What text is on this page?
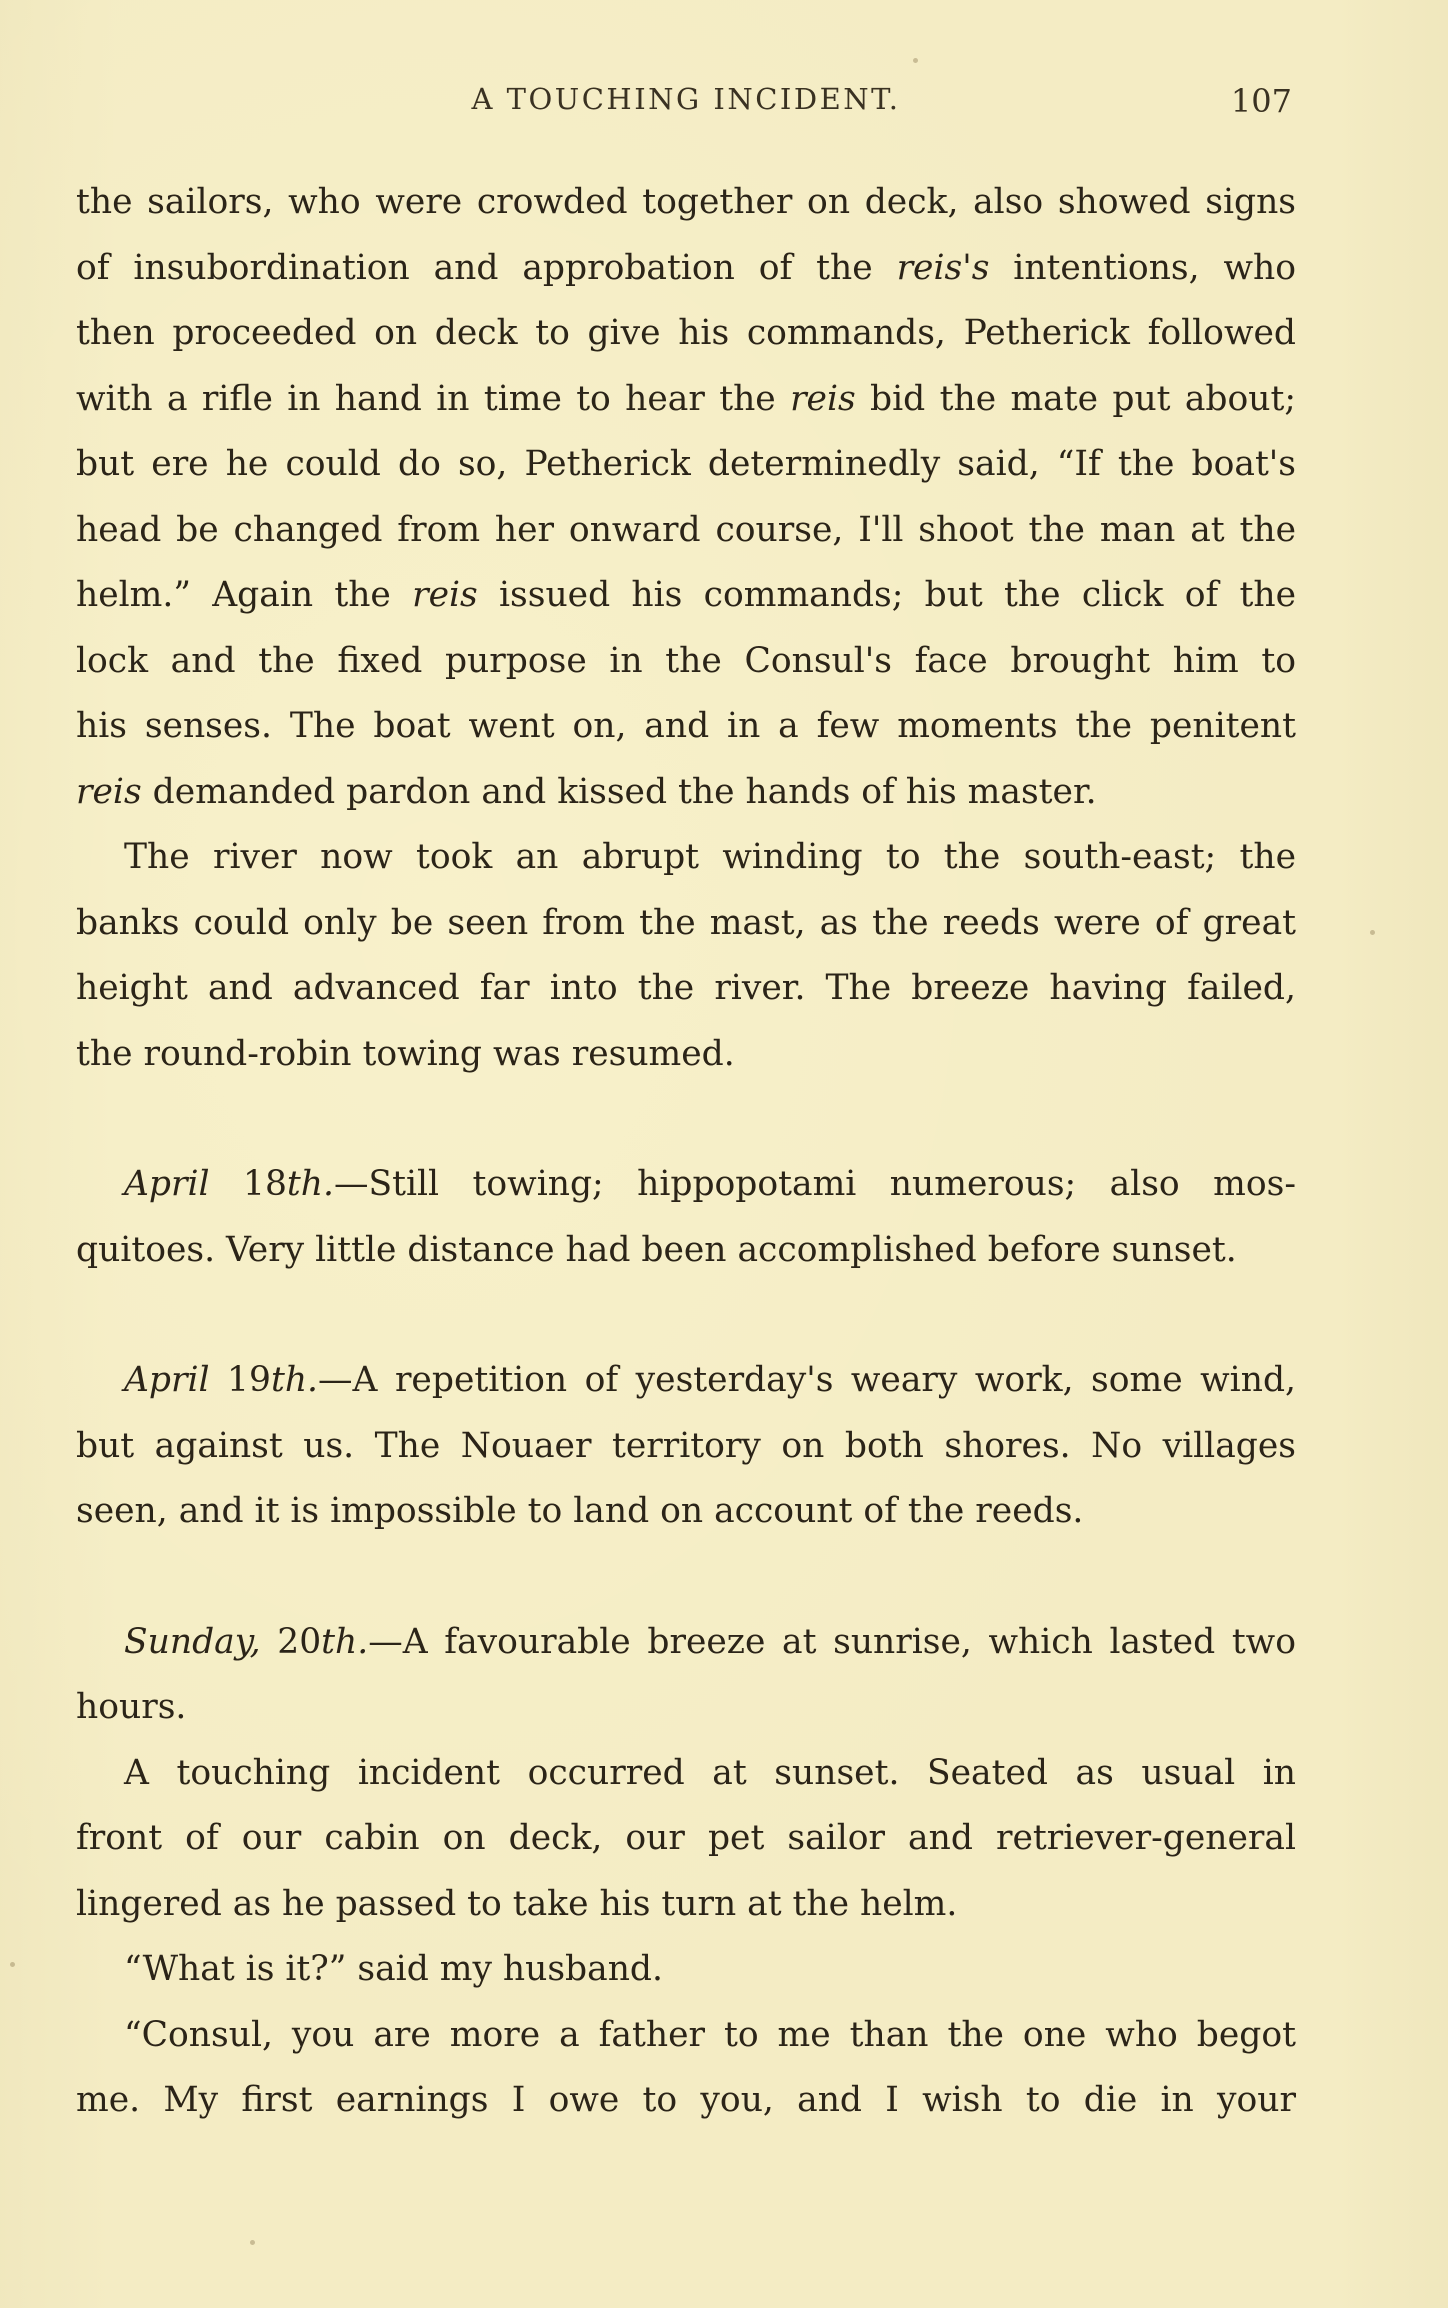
A TOUCHING INCIDENT.	107
the sailors, who were crowded together on deck, also showed signs
of insubordination and approbation of the reis's intentions, who
then proceeded on deck to give his commands, Petherick followed
with a rifle in hand in time to hear the reis bid the mate put about;
but ere he could do so, Petherick determinedly said, “If the boat's
head be changed from her onward course, I'll shoot the man at the
helm.” Again the reis issued his commands; but the click of the
lock and the fixed purpose in the Consul's face brought him to
his senses. The boat went on, and in a few moments the penitent
reis demanded pardon and kissed the hands of his master.
The river now took an abrupt winding to the south-east; the
banks could only be seen from the mast, as the reeds were of great
height and advanced far into the river. The breeze having failed,
the round-robin towing was resumed.
April 18th.—Still towing; hippopotami numerous; also mos-
quitoes. Very little distance had been accomplished before sunset.
April 19th.—A repetition of yesterday's weary work, some wind,
but against us. The Nouaer territory on both shores. No villages
seen, and it is impossible to land on account of the reeds.
Sunday, 20th.—A favourable breeze at sunrise, which lasted two
hours.
A touching incident occurred at sunset. Seated as usual in
front of our cabin on deck, our pet sailor and retriever-general
lingered as he passed to take his turn at the helm.
“What is it?” said my husband.
“Consul, you are more a father to me than the one who begot
me. My first earnings I owe to you, and I wish to die in your
